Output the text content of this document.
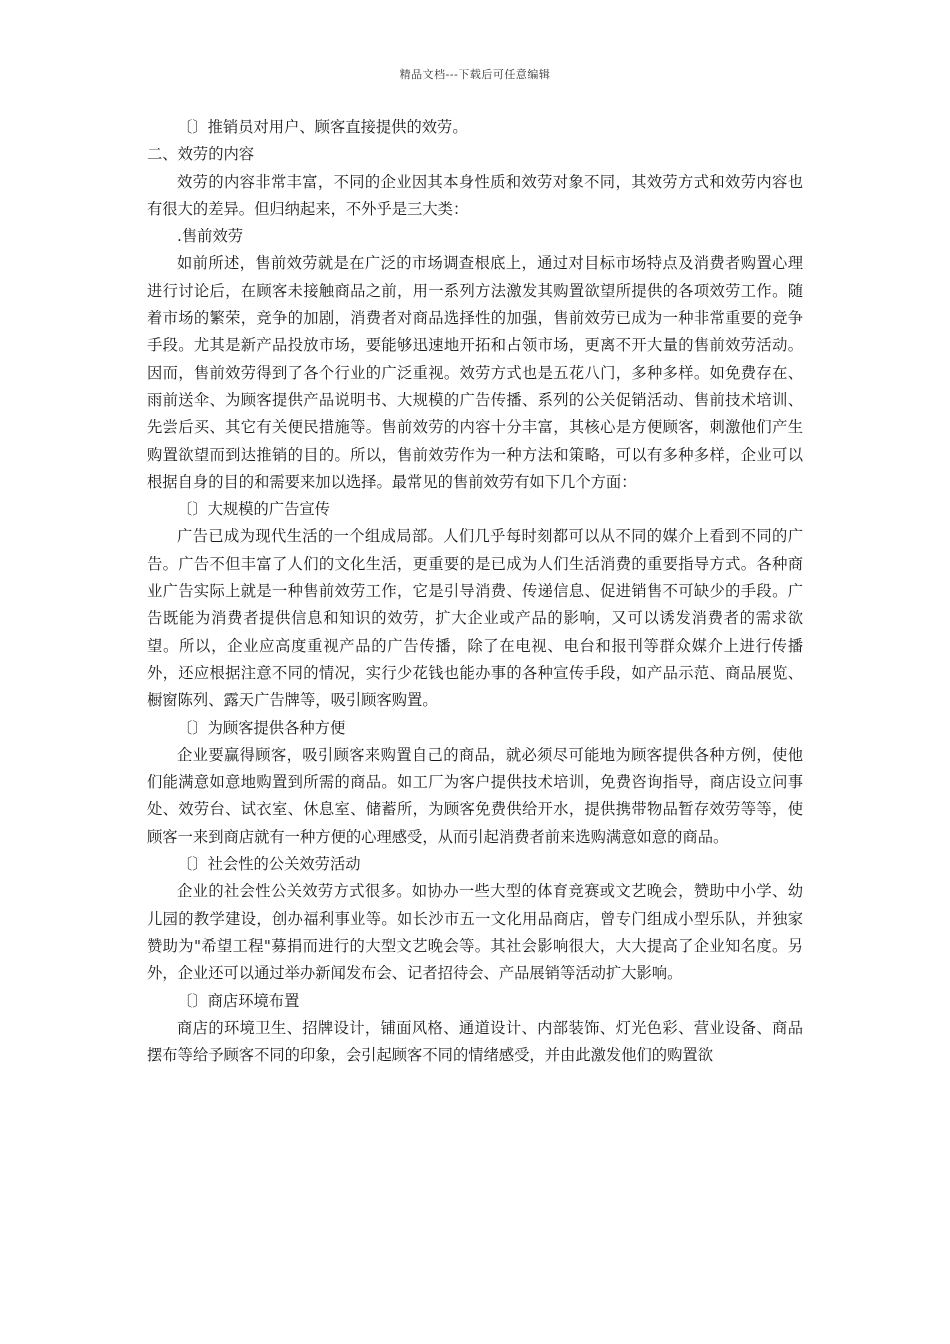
精品文档---下载后可任意编辑

〔〕推销员对用户、顾客直接提供的效劳。

二、效劳的内容

效劳的内容非常丰富，不同的企业因其本身性质和效劳对象不同，其效劳方式和效劳内容也有很大的差异。但归纳起来，不外乎是三大类：

.售前效劳

如前所述，售前效劳就是在广泛的市场调查根底上，通过对目标市场特点及消费者购置心理进行讨论后，在顾客未接触商品之前，用一系列方法激发其购置欲望所提供的各项效劳工作。随着市场的繁荣，竞争的加剧，消费者对商品选择性的加强，售前效劳已成为一种非常重要的竞争手段。尤其是新产品投放市场，要能够迅速地开拓和占领市场，更离不开大量的售前效劳活动。因而，售前效劳得到了各个行业的广泛重视。效劳方式也是五花八门，多种多样。如免费存在、雨前送伞、为顾客提供产品说明书、大规模的广告传播、系列的公关促销活动、售前技术培训、先尝后买、其它有关便民措施等。售前效劳的内容十分丰富，其核心是方便顾客，刺激他们产生购置欲望而到达推销的目的。所以，售前效劳作为一种方法和策略，可以有多种多样，企业可以根据自身的目的和需要来加以选择。最常见的售前效劳有如下几个方面：

〔〕大规模的广告宣传

广告已成为现代生活的一个组成局部。人们几乎每时刻都可以从不同的媒介上看到不同的广告。广告不但丰富了人们的文化生活，更重要的是已成为人们生活消费的重要指导方式。各种商业广告实际上就是一种售前效劳工作，它是引导消费、传递信息、促进销售不可缺少的手段。广告既能为消费者提供信息和知识的效劳，扩大企业或产品的影响，又可以诱发消费者的需求欲望。所以，企业应高度重视产品的广告传播，除了在电视、电台和报刊等群众媒介上进行传播外，还应根据注意不同的情况，实行少花钱也能办事的各种宣传手段，如产品示范、商品展览、橱窗陈列、露天广告牌等，吸引顾客购置。

〔〕为顾客提供各种方便

企业要赢得顾客，吸引顾客来购置自己的商品，就必须尽可能地为顾客提供各种方例，使他们能满意如意地购置到所需的商品。如工厂为客户提供技术培训，免费咨询指导，商店设立问事处、效劳台、试衣室、休息室、储蓄所，为顾客免费供给开水，提供携带物品暂存效劳等等，使顾客一来到商店就有一种方便的心理感受，从而引起消费者前来选购满意如意的商品。

〔〕社会性的公关效劳活动

企业的社会性公关效劳方式很多。如协办一些大型的体育竞赛或文艺晚会，赞助中小学、幼儿园的教学建设，创办福利事业等。如长沙市五一文化用品商店，曾专门组成小型乐队，并独家赞助为"希望工程"募捐而进行的大型文艺晚会等。其社会影响很大，大大提高了企业知名度。另外，企业还可以通过举办新闻发布会、记者招待会、产品展销等活动扩大影响。

〔〕商店环境布置

商店的环境卫生、招牌设计，铺面风格、通道设计、内部装饰、灯光色彩、营业设备、商品摆布等给予顾客不同的印象，会引起顾客不同的情绪感受，并由此激发他们的购置欲
